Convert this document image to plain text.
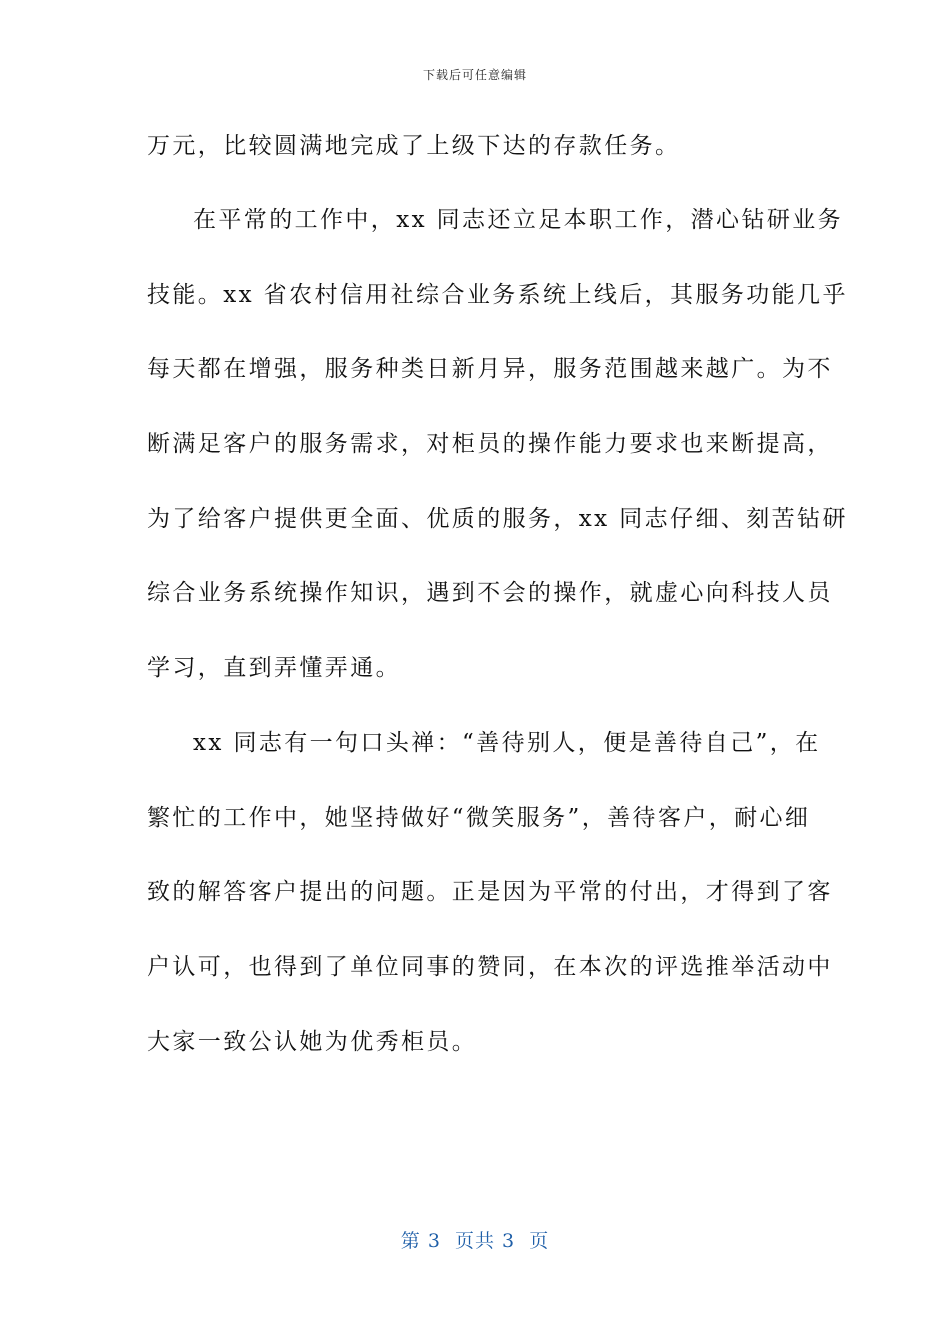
下载后可任意编辑
万元，比较圆满地完成了上级下达的存款任务。
在平常的工作中，xx 同志还立足本职工作，潜心钻研业务
技能。xx 省农村信用社综合业务系统上线后，其服务功能几乎
每天都在增强，服务种类日新月异，服务范围越来越广。为不
断满足客户的服务需求，对柜员的操作能力要求也来断提高，
为了给客户提供更全面、优质的服务，xx 同志仔细、刻苦钻研
综合业务系统操作知识，遇到不会的操作，就虚心向科技人员
学习，直到弄懂弄通。
xx 同志有一句口头禅：“善待别人，便是善待自己”，在
繁忙的工作中，她坚持做好“微笑服务”，善待客户，耐心细
致的解答客户提出的问题。正是因为平常的付出，才得到了客
户认可，也得到了单位同事的赞同，在本次的评选推举活动中
大家一致公认她为优秀柜员。
第 3  页共 3  页
